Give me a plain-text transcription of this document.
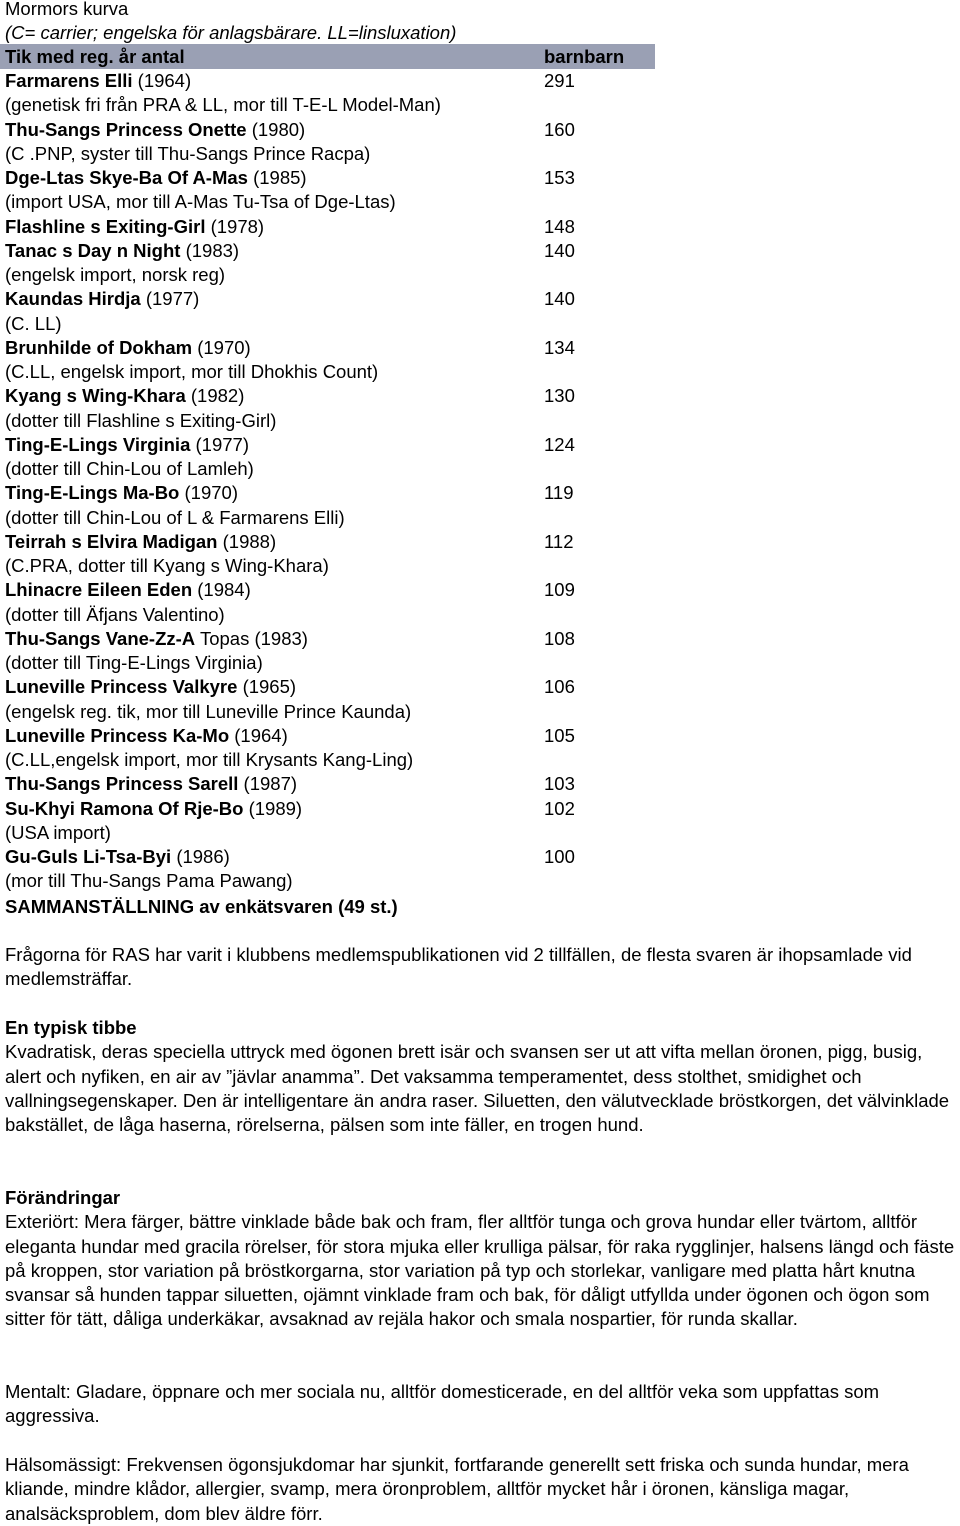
Mormors kurva
(C= carrier; engelska för anlagsbärare. LL=linsluxation)
Tik med reg. år antal	barnbarn
Farmarens Elli (1964)	291
(genetisk fri från PRA & LL, mor till T-E-L Model-Man)
Thu-Sangs Princess Onette (1980)	160
(C .PNP, syster till Thu-Sangs Prince Racpa)
Dge-Ltas Skye-Ba Of A-Mas (1985)	153
(import USA, mor till A-Mas Tu-Tsa of Dge-Ltas)
Flashline s Exiting-Girl (1978)	148
Tanac s Day n Night (1983)	140
(engelsk import, norsk reg)
Kaundas Hirdja (1977)	140
(C. LL)
Brunhilde of Dokham (1970)	134
(C.LL, engelsk import, mor till Dhokhis Count)
Kyang s Wing-Khara (1982)	130
(dotter till Flashline s Exiting-Girl)
Ting-E-Lings Virginia (1977)	124
(dotter till Chin-Lou of Lamleh)
Ting-E-Lings Ma-Bo (1970)	119
(dotter till Chin-Lou of L & Farmarens Elli)
Teirrah s Elvira Madigan (1988)	112
(C.PRA, dotter till Kyang s Wing-Khara)
Lhinacre Eileen Eden (1984)	109
(dotter till Äfjans Valentino)
Thu-Sangs Vane-Zz-A Topas (1983)	108
(dotter till Ting-E-Lings Virginia)
Luneville Princess Valkyre (1965)	106
(engelsk reg. tik, mor till Luneville Prince Kaunda)
Luneville Princess Ka-Mo (1964)	105
(C.LL,engelsk import, mor till Krysants Kang-Ling)
Thu-Sangs Princess Sarell (1987)	103
Su-Khyi Ramona Of Rje-Bo (1989)	102
(USA import)
Gu-Guls Li-Tsa-Byi (1986)	100
(mor till Thu-Sangs Pama Pawang)
SAMMANSTÄLLNING av enkätsvaren (49 st.)
Frågorna för RAS har varit i klubbens medlemspublikationen vid 2 tillfällen, de flesta svaren är ihopsamlade vid medlemsträffar.
En typisk tibbe
Kvadratisk, deras speciella uttryck med ögonen brett isär och svansen ser ut att vifta mellan öronen, pigg, busig, alert och nyfiken, en air av ”jävlar anamma”. Det vaksamma temperamentet, dess stolthet, smidighet och vallningsegenskaper. Den är intelligentare än andra raser. Siluetten, den välutvecklade bröstkorgen, det välvinklade bakstället, de låga haserna, rörelserna, pälsen som inte fäller, en trogen hund.
Förändringar
Exteriört: Mera färger, bättre vinklade både bak och fram, fler alltför tunga och grova hundar eller tvärtom, alltför eleganta hundar med gracila rörelser, för stora mjuka eller krulliga pälsar, för raka rygglinjer, halsens längd och fäste på kroppen, stor variation på bröstkorgarna, stor variation på typ och storlekar, vanligare med platta hårt knutna svansar så hunden tappar siluetten, ojämnt vinklade fram och bak, för dåligt utfyllda under ögonen och ögon som sitter för tätt, dåliga underkäkar, avsaknad av rejäla hakor och smala nospartier, för runda skallar.
Mentalt: Gladare, öppnare och mer sociala nu, alltför domesticerade, en del alltför veka som uppfattas som aggressiva.
Hälsomässigt: Frekvensen ögonsjukdomar har sjunkit, fortfarande generellt sett friska och sunda hundar, mera kliande, mindre klådor, allergier, svamp, mera öronproblem, alltför mycket hår i öronen, känsliga magar, analsäcksproblem, dom blev äldre förr.
